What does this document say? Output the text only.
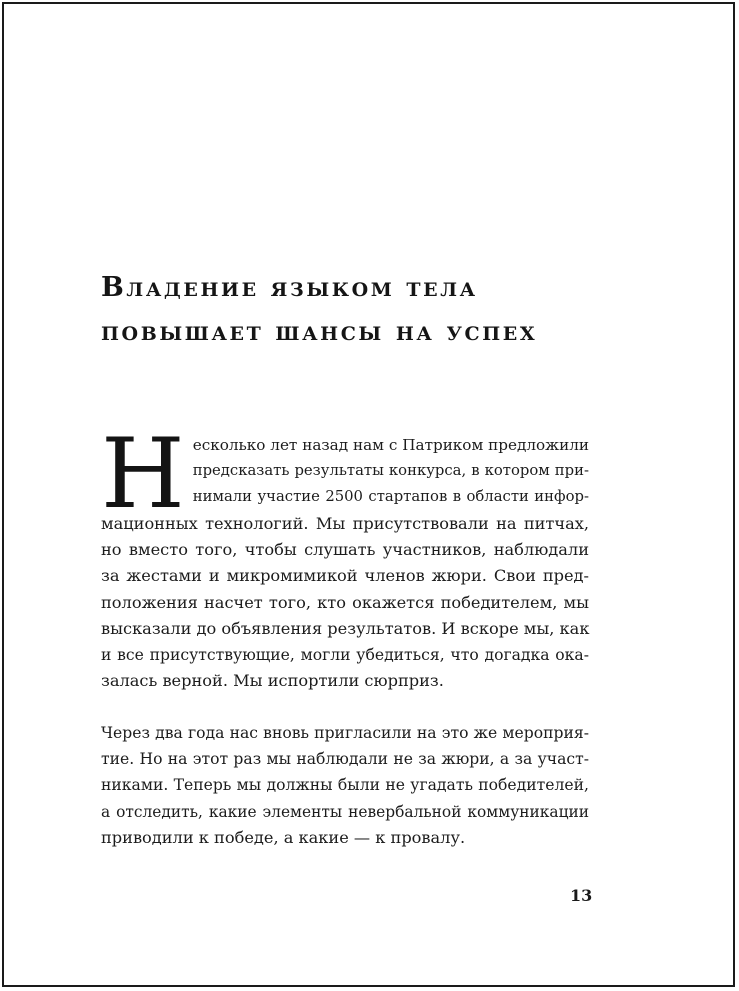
Владение языком тела
повышает шансы на успех
Н есколько лет назад нам с Патриком предложили
предсказать результаты конкурса, в котором при-
нимали участие 2500 стартапов в области инфор-
мационных технологий. Мы присутствовали на питчах,
но вместо того, чтобы слушать участников, наблюдали
за жестами и микромимикой членов жюри. Свои пред-
положения насчет того, кто окажется победителем, мы
высказали до объявления результатов. И вскоре мы, как
и все присутствующие, могли убедиться, что догадка ока-
залась верной. Мы испортили сюрприз.
Через два года нас вновь пригласили на это же мероприя-
тие. Но на этот раз мы наблюдали не за жюри, а за участ-
никами. Теперь мы должны были не угадать победителей,
а отследить, какие элементы невербальной коммуникации
приводили к победе, а какие — к провалу.
13
